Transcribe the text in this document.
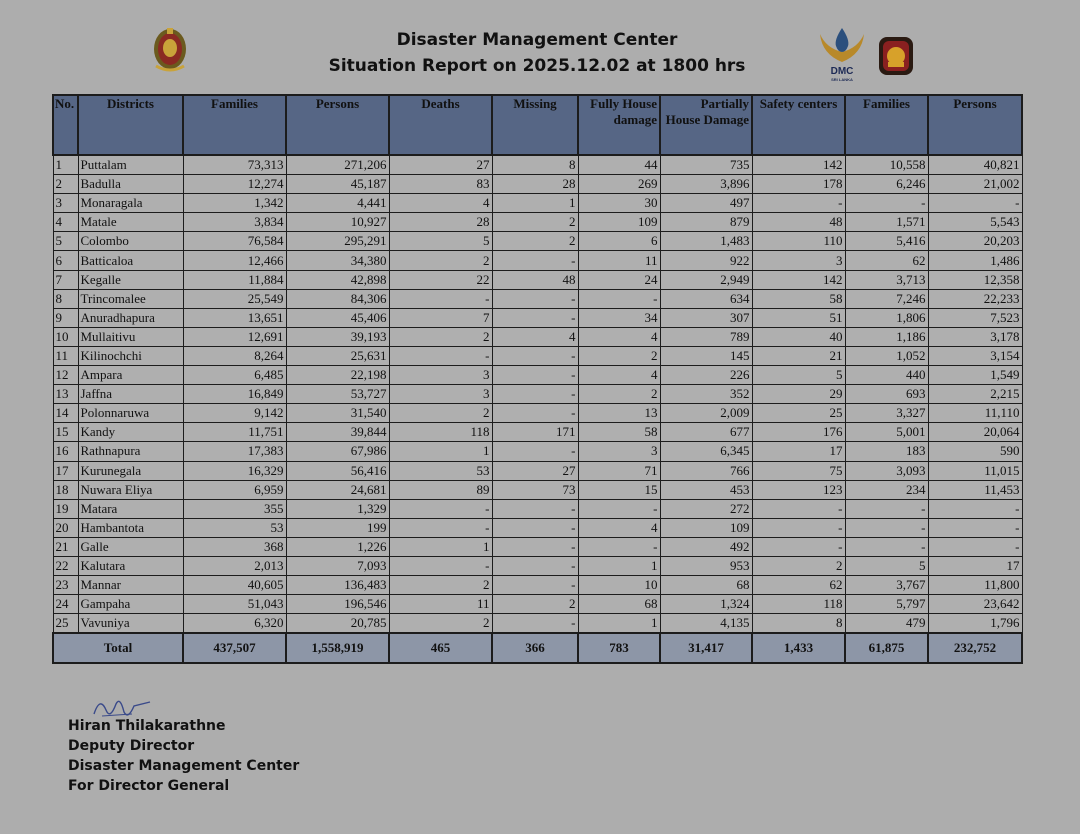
DMC
SRI LANKA
Disaster Management Center
Situation Report on 2025.12.02 at 1800 hrs
No.	Districts	Families	Persons	Deaths	Missing	Fully House damage	Partially House Damage	Safety centers	Families	Persons
1	Puttalam	73,313	271,206	27	8	44	735	142	10,558	40,821
2	Badulla	12,274	45,187	83	28	269	3,896	178	6,246	21,002
3	Monaragala	1,342	4,441	4	1	30	497	-	-	-
4	Matale	3,834	10,927	28	2	109	879	48	1,571	5,543
5	Colombo	76,584	295,291	5	2	6	1,483	110	5,416	20,203
6	Batticaloa	12,466	34,380	2	-	11	922	3	62	1,486
7	Kegalle	11,884	42,898	22	48	24	2,949	142	3,713	12,358
8	Trincomalee	25,549	84,306	-	-	-	634	58	7,246	22,233
9	Anuradhapura	13,651	45,406	7	-	34	307	51	1,806	7,523
10	Mullaitivu	12,691	39,193	2	4	4	789	40	1,186	3,178
11	Kilinochchi	8,264	25,631	-	-	2	145	21	1,052	3,154
12	Ampara	6,485	22,198	3	-	4	226	5	440	1,549
13	Jaffna	16,849	53,727	3	-	2	352	29	693	2,215
14	Polonnaruwa	9,142	31,540	2	-	13	2,009	25	3,327	11,110
15	Kandy	11,751	39,844	118	171	58	677	176	5,001	20,064
16	Rathnapura	17,383	67,986	1	-	3	6,345	17	183	590
17	Kurunegala	16,329	56,416	53	27	71	766	75	3,093	11,015
18	Nuwara Eliya	6,959	24,681	89	73	15	453	123	234	11,453
19	Matara	355	1,329	-	-	-	272	-	-	-
20	Hambantota	53	199	-	-	4	109	-	-	-
21	Galle	368	1,226	1	-	-	492	-	-	-
22	Kalutara	2,013	7,093	-	-	1	953	2	5	17
23	Mannar	40,605	136,483	2	-	10	68	62	3,767	11,800
24	Gampaha	51,043	196,546	11	2	68	1,324	118	5,797	23,642
25	Vavuniya	6,320	20,785	2	-	1	4,135	8	479	1,796
Total		437,507	1,558,919	465	366	783	31,417	1,433	61,875	232,752
Hiran Thilakarathne
Deputy Director
Disaster Management Center
For Director General
